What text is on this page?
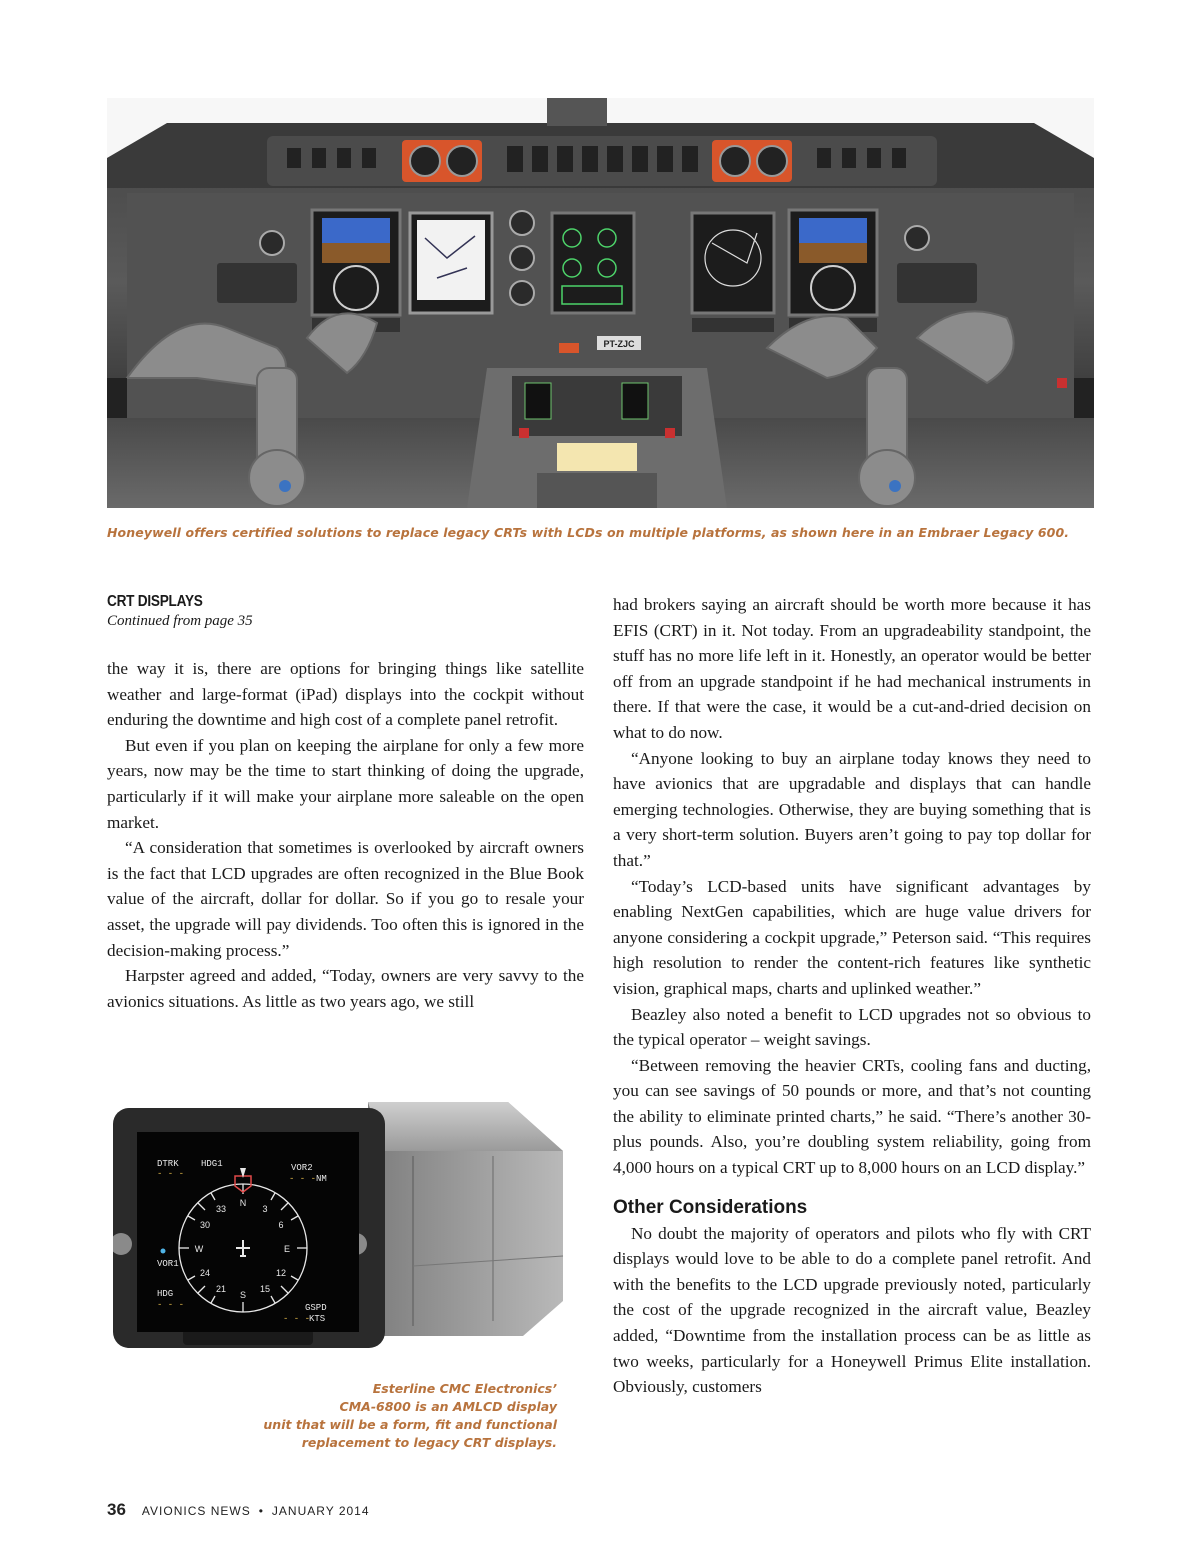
PT-ZJC
Honeywell offers certified solutions to replace legacy CRTs with LCDs on multiple platforms, as shown here in an Embraer Legacy 600.
CRT DISPLAYS
Continued from page 35

the way it is, there are options for bringing things like satellite weather and large-format (iPad) displays into the cockpit without enduring the downtime and high cost of a complete panel retrofit.

But even if you plan on keeping the airplane for only a few more years, now may be the time to start thinking of doing the upgrade, particularly if it will make your airplane more saleable on the open market.

“A consideration that sometimes is overlooked by aircraft owners is the fact that LCD upgrades are often recognized in the Blue Book value of the aircraft, dollar for dollar. So if you go to resale your asset, the upgrade will pay dividends. Too often this is ignored in the decision-making process.”

Harpster agreed and added, “Today, owners are very savvy to the avionics situations. As little as two years ago, we still

DTRK
- - -
HDG1	VOR2
- - - NM
VOR1
HDG
- - -	GSPD
- - -
KTS
N
E
S
W
3
6
12
15
21
24
30
33
Esterline CMC Electronics’
CMA-6800 is an AMLCD display
unit that will be a form, fit and functional
replacement to legacy CRT displays.

had brokers saying an aircraft should be worth more because it has EFIS (CRT) in it. Not today. From an upgradeability standpoint, the stuff has no more life left in it. Honestly, an operator would be better off from an upgrade standpoint if he had mechanical instruments in there. If that were the case, it would be a cut-and-dried decision on what to do now.

“Anyone looking to buy an airplane today knows they need to have avionics that are upgradable and displays that can handle emerging technologies. Otherwise, they are buying something that is a very short-term solution. Buyers aren’t going to pay top dollar for that.”

“Today’s LCD-based units have significant advantages by enabling NextGen capabilities, which are huge value drivers for anyone considering a cockpit upgrade,” Peterson said. “This requires high resolution to render the content-rich features like synthetic vision, graphical maps, charts and uplinked weather.”

Beazley also noted a benefit to LCD upgrades not so obvious to the typical operator – weight savings.

“Between removing the heavier CRTs, cooling fans and ducting, you can see savings of 50 pounds or more, and that’s not counting the ability to eliminate printed charts,” he said. “There’s another 30-plus pounds. Also, you’re doubling system reliability, going from 4,000 hours on a typical CRT up to 8,000 hours on an LCD display.”

Other Considerations

No doubt the majority of operators and pilots who fly with CRT displays would love to be able to do a complete panel retrofit. And with the benefits to the LCD upgrade previously noted, particularly the cost of the upgrade recognized in the aircraft value, Beazley added, “Downtime from the installation process can be as little as two weeks, particularly for a Honeywell Primus Elite installation. Obviously, customers

36 AVIONICS NEWS • JANUARY 2014
